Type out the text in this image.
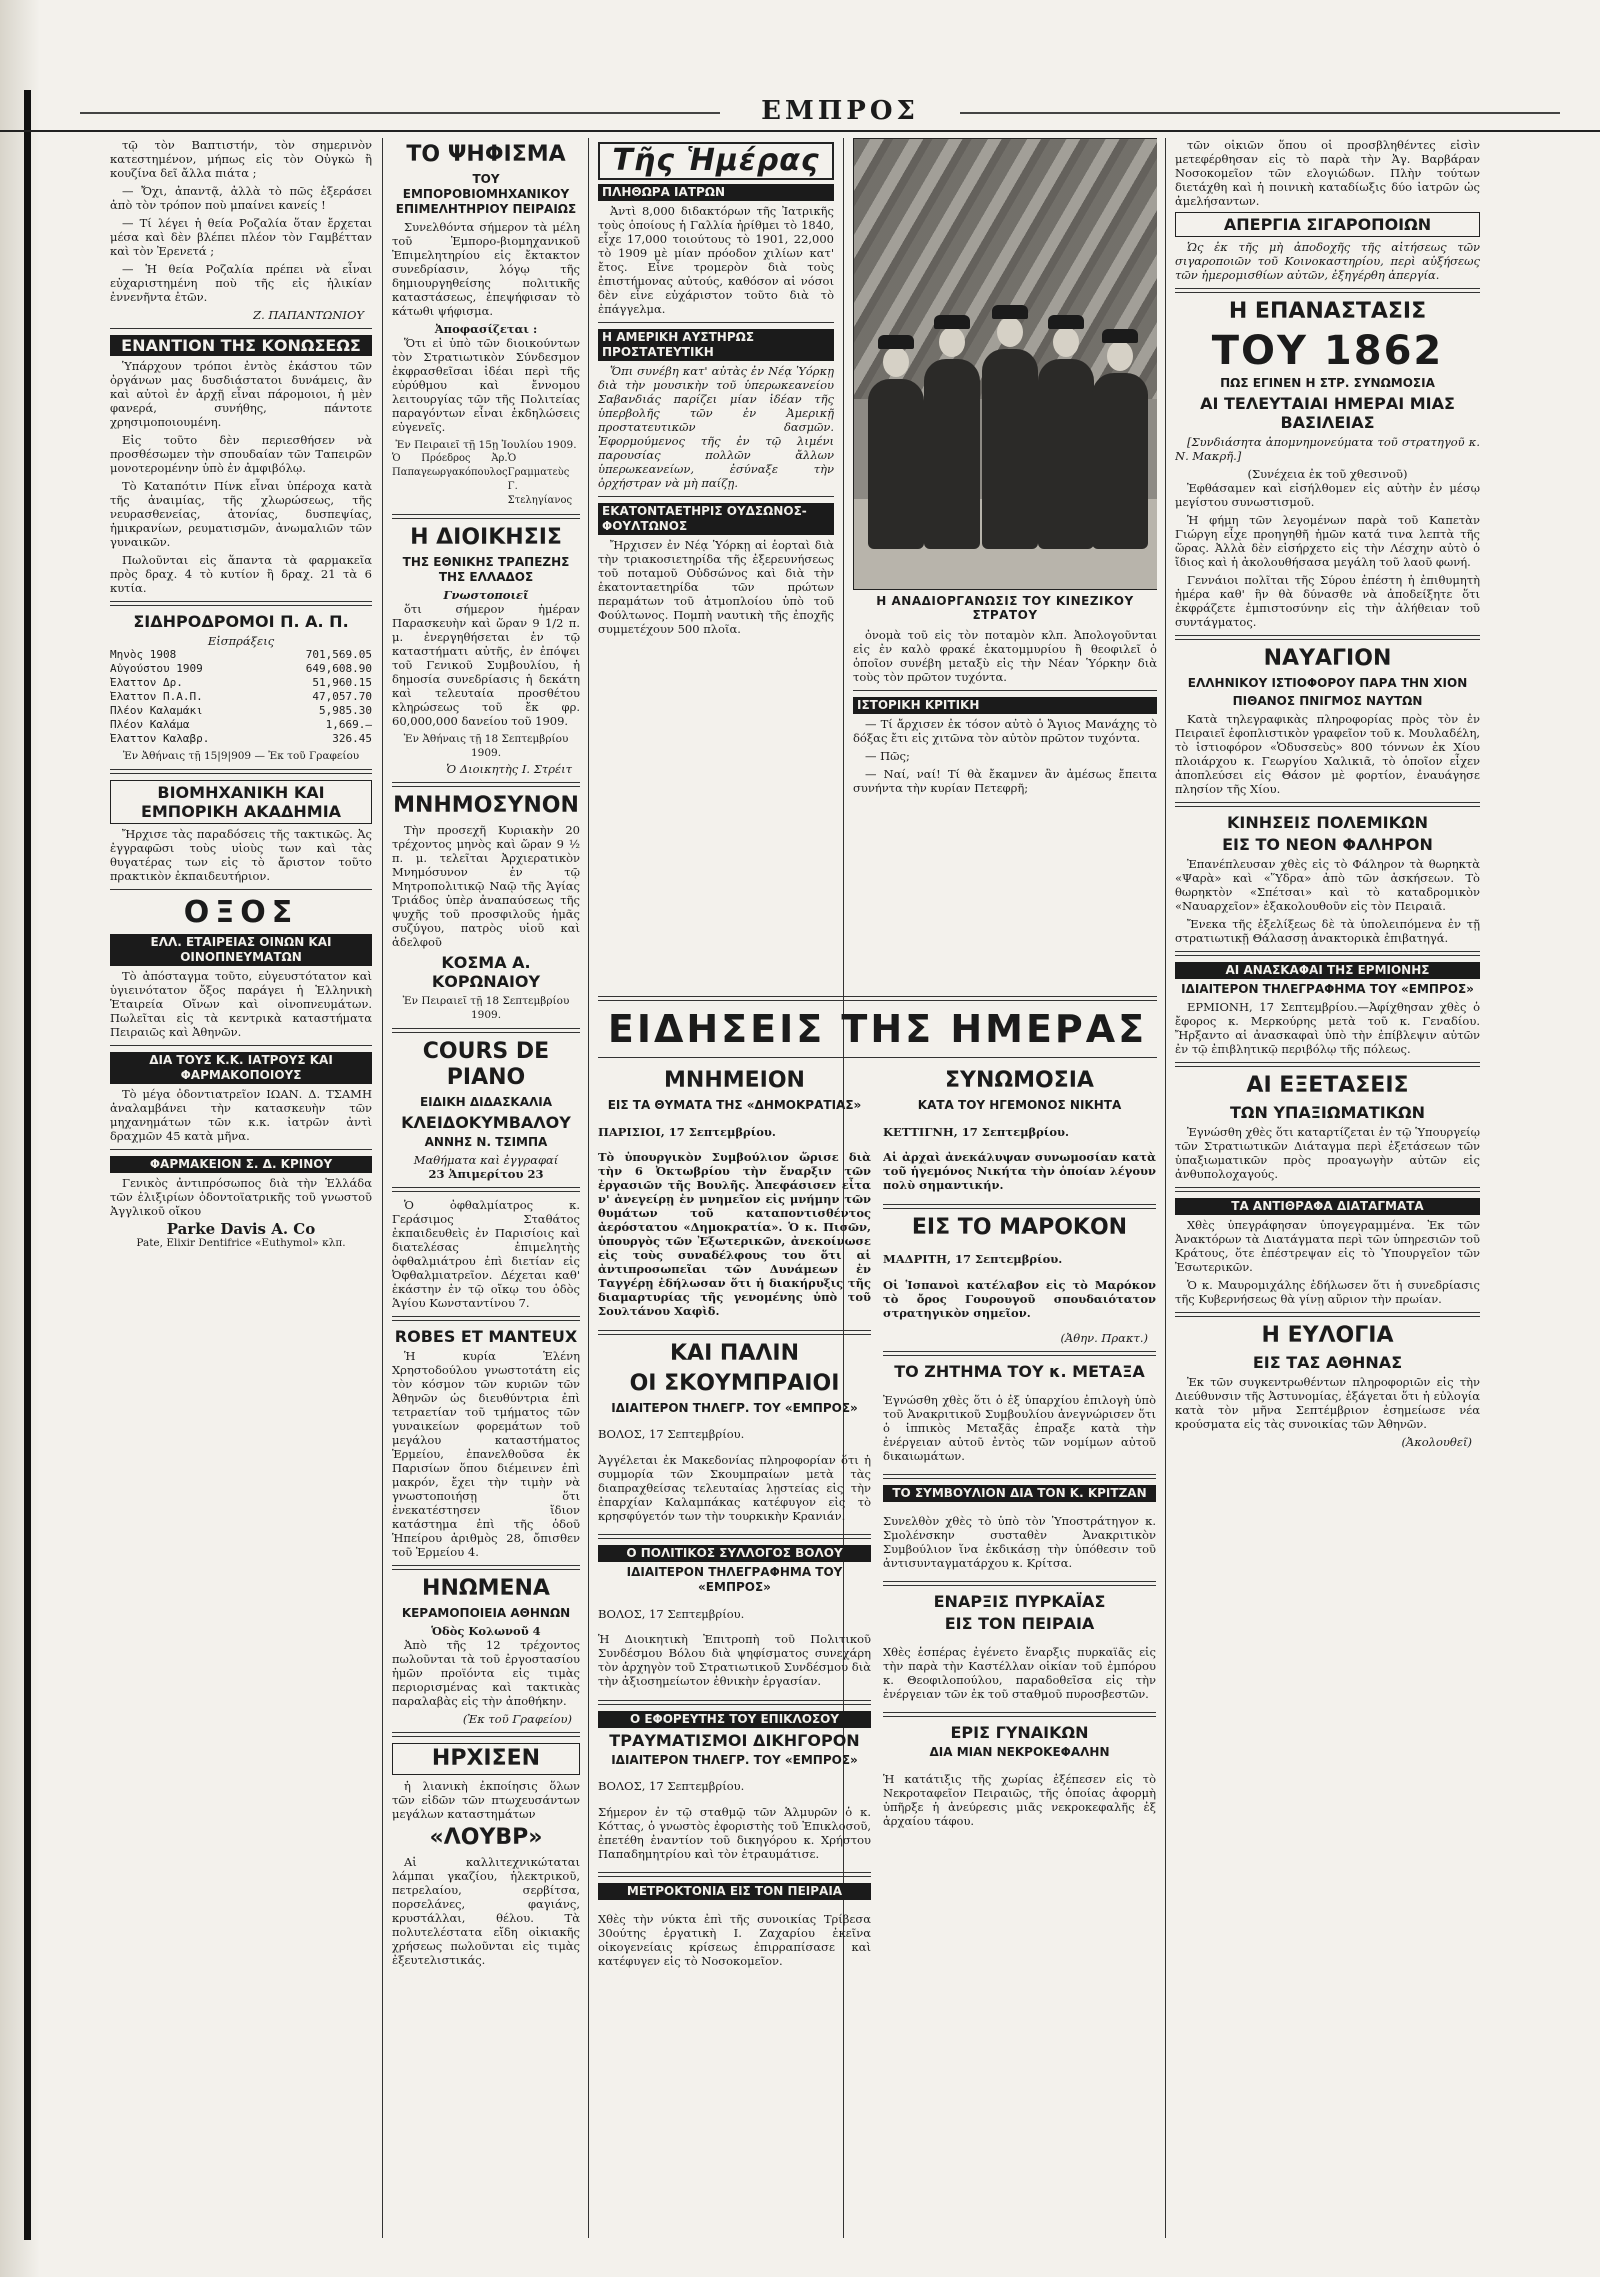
ΕΜΠΡΟΣ

τῷ τὸν Βαπτιστήν, τὸν σημερινὸν κατεστημένον, μήπως εἰς τὸν Οὐγκὼ ἢ κουζίνα δεῖ ἄλλα πιάτα ;

— Ὄχι, ἀπαντᾷ, ἀλλὰ τὸ πῶς ἐξεράσει ἀπὸ τὸν τρόπον ποὺ μπαίνει κανείς !

— Τί λέγει ἡ θεία Ροζαλία ὅταν ἔρχεται μέσα καὶ δὲν βλέπει πλέον τὸν Γαμβέτταν καὶ τὸν Ἐρενετά ;

— Ἡ θεία Ροζαλία πρέπει νὰ εἶναι εὐχαριστημένη ποὺ τῆς εἰς ἡλικίαν ἐννενῆντα ἐτῶν.

Ζ. ΠΑΠΑΝΤΩΝΙΟΥ
ΕΝΑΝΤΙΟΝ ΤΗΣ ΚΟΝΩΣΕΩΣ

Ὑπάρχουν τρόποι ἐντὸς ἑκάστου τῶν ὀργάνων μας δυσδιάστατοι δυνάμεις, ἂν καὶ αὐτοὶ ἐν ἀρχῇ εἶναι πάρομοιοι, ἡ μὲν φανερά, συνήθης, πάντοτε χρησιμοποιουμένη.

Εἰς τοῦτο δὲν περιεσθήσεν νὰ προσθέσωμεν τὴν σπουδαίαν τῶν Ταπειρῶν μονοτερομένην ὑπὸ ἐν ἀμφιβόλῳ.

Τὸ Καταπότιν Πίνκ εἶναι ὑπέροχα κατὰ τῆς ἀναιμίας, τῆς χλωρώσεως, τῆς νευρασθενείας, ἀτονίας, δυσπεψίας, ἡμικρανίων, ρευματισμῶν, ἀνωμαλιῶν τῶν γυναικῶν.

Πωλοῦνται εἰς ἅπαντα τὰ φαρμακεῖα πρὸς δραχ. 4 τὸ κυτίον ἢ δραχ. 21 τὰ 6 κυτία.

ΣΙΔΗΡΟΔΡΟΜΟΙ Π. Α. Π.
Εἰσπράξεις
Μηνὸς 1908	701,569.05
Αὐγούστου 1909	649,608.90
Ἔλαττον Δρ.	51,960.15
Ἔλαττον Π.Α.Π.	47,057.70
Πλέον Καλαμάκι	5,985.30
Πλέον Καλάμα	1,669.—
Ἔλαττον Καλαβρ.	326.45
Ἐν Ἀθήναις τῇ 15|9|909 — Ἐκ τοῦ Γραφείου
ΒΙΟΜΗΧΑΝΙΚΗ ΚΑΙ ΕΜΠΟΡΙΚΗ ΑΚΑΔΗΜΙΑ

Ἤρχισε τὰς παραδόσεις τῆς τακτικῶς. Ἀς ἐγγραφῶσι τοὺς υἱοὺς των καὶ τὰς θυγατέρας των εἰς τὸ ἄριστον τοῦτο πρακτικὸν ἐκπαιδευτήριον.

ΟΞΟΣ
ΕΛΛ. ΕΤΑΙΡΕΙΑΣ ΟΙΝΩΝ ΚΑΙ ΟΙΝΟΠΝΕΥΜΑΤΩΝ

Τὸ ἀπόσταγμα τοῦτο, εὐγευστότατον καὶ ὑγιεινότατον ὄξος παράγει ἡ Ἑλληνικὴ Ἑταιρεία Οἴνων καὶ οἰνοπνευμάτων. Πωλεῖται εἰς τὰ κεντρικὰ καταστήματα Πειραιῶς καὶ Ἀθηνῶν.

ΔΙΑ ΤΟΥΣ Κ.Κ. ΙΑΤΡΟΥΣ ΚΑΙ ΦΑΡΜΑΚΟΠΟΙΟΥΣ

Τὸ μέγα ὀδοντιατρεῖον ΙΩΑΝ. Δ. ΤΣΑΜΗ ἀναλαμβάνει τὴν κατασκευὴν τῶν μηχανημάτων τῶν κ.κ. ἰατρῶν ἀντὶ δραχμῶν 45 κατὰ μῆνα.

ΦΑΡΜΑΚΕΙΟΝ Σ. Δ. ΚΡΙΝΟΥ

Γενικὸς ἀντιπρόσωπος διὰ τὴν Ἑλλάδα τῶν ἐλιξιρίων ὀδοντοϊατρικῆς τοῦ γνωστοῦ Ἀγγλικοῦ οἴκου

Parke Davis A. Co
Pate, Elixir Dentifrice «Euthymol» κλπ.
ΤΟ ΨΗΦΙΣΜΑ
ΤΟΥ ΕΜΠΟΡΟΒΙΟΜΗΧΑΝΙΚΟΥ ΕΠΙΜΕΛΗΤΗΡΙΟΥ ΠΕΙΡΑΙΩΣ

Συνελθόντα σήμερον τὰ μέλη τοῦ Ἐμπορο-βιομηχανικοῦ Ἐπιμελητηρίου εἰς ἔκτακτον συνεδρίασιν, λόγῳ τῆς δημιουργηθείσης πολιτικῆς καταστάσεως, ἐπεψήφισαν τὸ κάτωθι ψήφισμα.

Ἀποφασίζεται :

Ὅτι εἰ ὑπὸ τῶν διοικούντων τὸν Στρατιωτικὸν Σύνδεσμον ἐκφρασθεῖσαι ἰδέαι περὶ τῆς εὐρύθμου καὶ ἔννομου λειτουργίας τῶν τῆς Πολιτείας παραγόντων εἶναι ἐκδηλώσεις εὐγενεῖς.

Ἐν Πειραιεῖ τῇ 15ῃ Ἰουλίου 1909.
Ὁ Πρόεδρος Ἀρ. Παπαγεωργακόπουλος
Ὁ Γραμματεὺς Γ. Στεληγίανος
Η ΔΙΟΙΚΗΣΙΣ
ΤΗΣ ΕΘΝΙΚΗΣ ΤΡΑΠΕΖΗΣ ΤΗΣ ΕΛΛΑΔΟΣ
Γνωστοποιεῖ

ὅτι σήμερον ἡμέραν Παρασκευὴν καὶ ὥραν 9 1/2 π. μ. ἐνεργηθήσεται ἐν τῷ καταστήματι αὐτῆς, ἐν ἐπόψει τοῦ Γενικοῦ Συμβουλίου, ἡ δημοσία συνεδρίασις ἡ δεκάτη καὶ τελευταία προσθέτου κληρώσεως τοῦ ἔκ φρ. 60,000,000 δανείου τοῦ 1909.

Ἐν Ἀθήναις τῇ 18 Σεπτεμβρίου 1909.
Ὁ Διοικητὴς Ι. Στρέιτ
ΜΝΗΜΟΣΥΝΟΝ

Τὴν προσεχῆ Κυριακὴν 20 τρέχοντος μηνὸς καὶ ὥραν 9 ½ π. μ. τελεῖται Ἀρχιερατικὸν Μνημόσυνον ἐν τῷ Μητροπολιτικῷ Ναῷ τῆς Ἁγίας Τριάδος ὑπὲρ ἀναπαύσεως τῆς ψυχῆς τοῦ προσφιλοῦς ἡμᾶς συζύγου, πατρὸς υἱοῦ καὶ ἀδελφοῦ

ΚΟΣΜΑ Α. ΚΟΡΩΝΑΙΟΥ
Ἐν Πειραιεῖ τῇ 18 Σεπτεμβρίου 1909.
COURS DE PIANO
ΕΙΔΙΚΗ ΔΙΔΑΣΚΑΛΙΑ
ΚΛΕΙΔΟΚΥΜΒΑΛΟΥ
ΑΝΝΗΣ Ν. ΤΣΙΜΠΑ
Μαθήματα καὶ ἐγγραφαί
23 Ἀπιμερίτου 23

Ὁ ὀφθαλμίατρος κ. Γεράσιμος Σταθάτος ἐκπαιδευθεὶς ἐν Παρισίοις καὶ διατελέσας ἐπιμελητὴς ὀφθαλμιάτρου ἐπὶ διετίαν εἰς Ὀφθαλμιατρεῖον. Δέχεται καθ' ἑκάστην ἐν τῷ οἴκῳ του ὁδὸς Ἁγίου Κωνσταντίνου 7.

ROBES ET MANTEUX

Ἡ κυρία Ἑλένη Χρηστοδούλου γνωστοτάτη εἰς τὸν κόσμον τῶν κυριῶν τῶν Ἀθηνῶν ὡς διευθύντρια ἐπὶ τετραετίαν τοῦ τμήματος τῶν γυναικείων φορεμάτων τοῦ μεγάλου καταστήματος Ἑρμείου, ἐπανελθοῦσα ἐκ Παρισίων ὅπου διέμεινεν ἐπὶ μακρόν, ἔχει τὴν τιμὴν νὰ γνωστοποιήσῃ ὅτι ἐνεκατέστησεν ἴδιον κατάστημα ἐπὶ τῆς ὁδοῦ Ἡπείρου ἀριθμὸς 28, ὄπισθεν τοῦ Ἑρμείου 4.

ΗΝΩΜΕΝΑ
ΚΕΡΑΜΟΠΟΙΕΙΑ ΑΘΗΝΩΝ
Ὁδὸς Κολωνοῦ 4

Ἀπὸ τῆς 12 τρέχοντος πωλοῦνται τὰ τοῦ ἐργοστασίου ἡμῶν προϊόντα εἰς τιμὰς περιορισμένας καὶ τακτικὰς παραλαβὰς εἰς τὴν ἀποθήκην.

(Ἐκ τοῦ Γραφείου)
ΗΡΧΙΣΕΝ

ἡ λιανικὴ ἐκποίησις ὅλων τῶν εἰδῶν τῶν πτωχευσάντων μεγάλων καταστημάτων

«ΛΟΥΒΡ»

Αἱ καλλιτεχνικώταται λάμπαι γκαζίου, ἠλεκτρικοῦ, πετρελαίου, σερβίτσα, πορσελάνες, φαγιάνς, κρυστάλλαι, θέλου. Τὰ πολυτελέστατα εἴδη οἰκιακῆς χρήσεως πωλοῦνται εἰς τιμὰς ἐξευτελιστικάς.

Τῆς Ἡμέρας
ΠΛΗΘΩΡΑ ΙΑΤΡΩΝ

Ἀντὶ 8,000 διδακτόρων τῆς Ἰατρικῆς τοὺς ὁποίους ἡ Γαλλία ἠρίθμει τὸ 1840, εἶχε 17,000 τοιούτους τὸ 1901, 22,000 τὸ 1909 μὲ μίαν πρόοδον χιλίων κατ' ἔτος. Εἶνε τρομερὸν διὰ τοὺς ἐπιστήμονας αὐτούς, καθόσον αἱ νόσοι δὲν εἶνε εὐχάριστον τοῦτο διὰ τὸ ἐπάγγελμα.

Η ΑΜΕΡΙΚΗ ΑΥΣΤΗΡΩΣ ΠΡΟΣΤΑΤΕΥΤΙΚΗ

Ὅπι συνέβη κατ' αὐτὰς ἐν Νέᾳ Ὑόρκῃ διὰ τὴν μουσικὴν τοῦ ὑπερωκεανείου Σαβανδιάς παρίζει μίαν ἰδέαν τῆς ὑπερβολῆς τῶν ἐν Ἀμερικῇ προστατευτικῶν δασμῶν. Ἐφορμούμενος τῆς ἐν τῷ λιμένι παρουσίας πολλῶν ἄλλων ὑπερωκεανείων, ἐσύναξε τὴν ὀρχήστραν νὰ μὴ παίζῃ.

ΕΚΑΤΟΝΤΑΕΤΗΡΙΣ ΟΥΔΣΩΝΟΣ-ΦΟΥΛΤΩΝΟΣ

Ἤρχισεν ἐν Νέᾳ Ὑόρκῃ αἱ ἑορταὶ διὰ τὴν τριακοσιετηρίδα τῆς ἐξερευνήσεως τοῦ ποταμοῦ Οὐδσώνος καὶ διὰ τὴν ἑκατονταετηρίδα τῶν πρώτων περαμάτων τοῦ ἀτμοπλοίου ὑπὸ τοῦ Φούλτωνος. Πομπὴ ναυτικὴ τῆς ἐποχῆς συμμετέχουν 500 πλοῖα.

Η ΑΝΑΔΙΟΡΓΑΝΩΣΙΣ ΤΟΥ ΚΙΝΕΖΙΚΟΥ ΣΤΡΑΤΟΥ

ὀνομὰ τοῦ εἰς τὸν ποταμὸν κλπ. Ἀπολογοῦνται εἰς ἐν καλὸ φρακέ ἑκατομμυρίου ἢ θεοφιλεῖ ὁ ὁποῖον συνέβη μεταξὺ εἰς τὴν Νέαν Ὑόρκην διὰ τοὺς τὸν πρῶτον τυχόντα.

ΙΣΤΟΡΙΚΗ ΚΡΙΤΙΚΗ

— Τί ἄρχισεν ἐκ τόσον αὐτὸ ὁ Ἄγιος Μανάχης τὸ δόξας ἔτι εἰς χιτῶνα τὸν αὐτὸν πρῶτον τυχόντα.

— Πῶς;

— Ναί, ναί! Τί θὰ ἔκαμνεν ἂν ἀμέσως ἔπειτα συνήντα τὴν κυρίαν Πετεφρῆ;

ΕΙΔΗΣΕΙΣ ΤΗΣ ΗΜΕΡΑΣ
ΜΝΗΜΕΙΟΝ
ΕΙΣ ΤΑ ΘΥΜΑΤΑ ΤΗΣ «ΔΗΜΟΚΡΑΤΙΑΣ»

ΠΑΡΙΣΙΟΙ, 17 Σεπτεμβρίου.

Τὸ ὑπουργικὸν Συμβούλιον ὥρισε διὰ τὴν 6 Ὀκτωβρίου τὴν ἔναρξιν τῶν ἐργασιῶν τῆς Βουλῆς. Ἀπεφάσισεν εἶτα ν' ἀνεγείρῃ ἐν μνημεῖον εἰς μνήμην τῶν θυμάτων τοῦ καταποντισθέντος ἀερόστατου «Δημοκρατία». Ὁ κ. Πισῶν, ὑπουργὸς τῶν Ἐξωτερικῶν, ἀνεκοίνωσε εἰς τοὺς συναδέλφους του ὅτι αἱ ἀντιπροσωπεῖαι τῶν Δυνάμεων ἐν Ταγγέρῃ ἐδήλωσαν ὅτι ἡ διακήρυξις τῆς διαμαρτυρίας τῆς γενομένης ὑπὸ τοῦ Σουλτάνου Χαφὶδ.

ΚΑΙ ΠΑΛΙΝ
ΟΙ ΣΚΟΥΜΠΡΑΙΟΙ
ΙΔΙΑΙΤΕΡΟΝ ΤΗΛΕΓΡ. ΤΟΥ «ΕΜΠΡΟΣ»

ΒΟΛΟΣ, 17 Σεπτεμβρίου.

Ἀγγέλεται ἐκ Μακεδονίας πληροφορίαν ὅτι ἡ συμμορία τῶν Σκουμπραίων μετὰ τὰς διαπραχθείσας τελευταίας λῃστείας εἰς τὴν ἐπαρχίαν Καλαμπάκας κατέφυγον εἰς τὸ κρησφύγετόν των τὴν τουρκικὴν Κρανιάν.

Ο ΠΟΛΙΤΙΚΟΣ ΣΥΛΛΟΓΟΣ ΒΟΛΟΥ
ΙΔΙΑΙΤΕΡΟΝ ΤΗΛΕΓΡΑΦΗΜΑ ΤΟΥ «ΕΜΠΡΟΣ»

ΒΟΛΟΣ, 17 Σεπτεμβρίου.

Ἡ Διοικητικὴ Ἐπιτροπὴ τοῦ Πολιτικοῦ Συνδέσμου Βόλου διὰ ψηφίσματος συνεχάρη τὸν ἀρχηγὸν τοῦ Στρατιωτικοῦ Συνδέσμου διὰ τὴν ἀξιοσημείωτον ἐθνικὴν ἐργασίαν.

Ο ΕΦΟΡΕΥΤΗΣ ΤΟΥ ΕΠΙΚΛΟΣΟΥ
ΤΡΑΥΜΑΤΙΣΜΟΙ ΔΙΚΗΓΟΡΟΝ
ΙΔΙΑΙΤΕΡΟΝ ΤΗΛΕΓΡ. ΤΟΥ «ΕΜΠΡΟΣ»

ΒΟΛΟΣ, 17 Σεπτεμβρίου.

Σήμερον ἐν τῷ σταθμῷ τῶν Ἁλμυρῶν ὁ κ. Κόττας, ὁ γνωστὸς ἐφοριστὴς τοῦ Ἐπικλοσοῦ, ἐπετέθη ἐναντίον τοῦ δικηγόρου κ. Χρήστου Παπαδημητρίου καὶ τὸν ἐτραυμάτισε.

ΜΕΤΡΟΚΤΟΝΙΑ ΕΙΣ ΤΟΝ ΠΕΙΡΑΙΑ

Χθὲς τὴν νύκτα ἐπὶ τῆς συνοικίας Τρίβεσα 30ούτης ἐργατικὴ Ι. Ζαχαρίου ἐκεῖνα οἰκογενείαις κρίσεως ἐπιρραπίσασε καὶ κατέφυγεν εἰς τὸ Νοσοκομεῖον.

ΣΥΝΩΜΟΣΙΑ
ΚΑΤΑ ΤΟΥ ΗΓΕΜΟΝΟΣ ΝΙΚΗΤΑ

ΚΕΤΤΙΓΝΗ, 17 Σεπτεμβρίου.

Αἱ ἀρχαὶ ἀνεκάλυψαν συνωμοσίαν κατὰ τοῦ ἡγεμόνος Νικήτα τὴν ὁποίαν λέγουν πολὺ σημαντικήν.

ΕΙΣ ΤΟ ΜΑΡΟΚΟΝ

ΜΑΔΡΙΤΗ, 17 Σεπτεμβρίου.

Οἱ Ἱσπανοὶ κατέλαβον εἰς τὸ Μαρόκον τὸ ὄρος Γουρουγοῦ σπουδαιότατον στρατηγικὸν σημεῖον.

(Ἀθην. Πρακτ.)
ΤΟ ΖΗΤΗΜΑ ΤΟΥ κ. ΜΕΤΑΞΑ

Ἐγνώσθη χθὲς ὅτι ὁ ἐξ ὑπαρχίου ἐπιλογὴ ὑπὸ τοῦ Ἀνακριτικοῦ Συμβουλίου ἀνεγνώρισεν ὅτι ὁ ἱππικὸς Μεταξᾶς ἐπραξε κατὰ τὴν ἐνέργειαν αὐτοῦ ἐντὸς τῶν νομίμων αὐτοῦ δικαιωμάτων.

ΤΟ ΣΥΜΒΟΥΛΙΟΝ ΔΙΑ ΤΟΝ Κ. ΚΡΙΤΖΑΝ

Συνελθὸν χθὲς τὸ ὑπὸ τὸν Ὑποστράτηγον κ. Σμολένσκην συσταθὲν Ἀνακριτικὸν Συμβούλιον ἵνα ἐκδικάσῃ τὴν ὑπόθεσιν τοῦ ἀντισυνταγματάρχου κ. Κρίτσα.

ΕΝΑΡΞΙΣ ΠΥΡΚΑΪΑΣ
ΕΙΣ ΤΟΝ ΠΕΙΡΑΙΑ

Χθὲς ἑσπέρας ἐγένετο ἔναρξις πυρκαϊᾶς εἰς τὴν παρὰ τὴν Καστέλλαν οἰκίαν τοῦ ἐμπόρου κ. Θεοφιλοπούλου, παραδοθεῖσα εἰς τὴν ἐνέργειαν τῶν ἐκ τοῦ σταθμοῦ πυροσβεστῶν.

ΕΡΙΣ ΓΥΝΑΙΚΩΝ
ΔΙΑ ΜΙΑΝ ΝΕΚΡΟΚΕΦΑΛΗΝ

Ἡ κατάτιξις τῆς χωρίας ἐξέπεσεν εἰς τὸ Νεκροταφεῖον Πειραιῶς, τῆς ὁποίας ἀφορμὴ ὑπῆρξε ἡ ἀνεύρεσις μιᾶς νεκροκεφαλῆς ἐξ ἀρχαίου τάφου.

τῶν οἰκιῶν ὅπου οἱ προσβληθέντες εἰσὶν μετεφέρθησαν εἰς τὸ παρὰ τὴν Ἁγ. Βαρβάραν Νοσοκομεῖον τῶν ελογιώδων. Πλὴν τούτων διετάχθη καὶ ἡ ποινικὴ καταδίωξις δύο ἰατρῶν ὡς ἀμελήσαντων.

ΑΠΕΡΓΙΑ ΣΙΓΑΡΟΠΟΙΩΝ

Ὡς ἐκ τῆς μὴ ἀποδοχῆς τῆς αἰτήσεως τῶν σιγαροποιῶν τοῦ Κοινοκαστηρίου, περὶ αὐξήσεως τῶν ἡμερομισθίων αὐτῶν, ἐξηγέρθη ἀπεργία.

Η ΕΠΑΝΑΣΤΑΣΙΣ
ΤΟΥ 1862
ΠΩΣ ΕΓΙΝΕΝ Η ΣΤΡ. ΣΥΝΩΜΟΣΙΑ
ΑΙ ΤΕΛΕΥΤΑΙΑΙ ΗΜΕΡΑΙ ΜΙΑΣ ΒΑΣΙΛΕΙΑΣ

[Συνδιάσητα ἀπομνημονεύματα τοῦ στρατηγοῦ κ. Ν. Μακρῆ.]

(Συνέχεια ἐκ τοῦ χθεσινοῦ)

Ἐφθάσαμεν καὶ εἰσήλθομεν εἰς αὐτὴν ἐν μέσῳ μεγίστου συνωστισμοῦ.

Ἡ φήμη τῶν λεγομένων παρὰ τοῦ Καπετὰν Γιώργη εἶχε προηγηθῆ ἡμῶν κατά τινα λεπτὰ τῆς ὥρας. Ἀλλὰ δὲν εἰσήρχετο εἰς τὴν Λέσχην αὐτὸ ὁ ἴδιος καὶ ἡ ἀκολουθήσασα μεγάλη τοῦ λαοῦ φωνή.

Γεννάιοι πολῖται τῆς Σύρου ἐπέστη ἡ ἐπιθυμητὴ ἡμέρα καθ' ἣν θὰ δύνασθε νὰ ἀποδείξητε ὅτι ἐκφράζετε ἐμπιστοσύνην εἰς τὴν ἀλήθειαν τοῦ συντάγματος.

ΝΑΥΑΓΙΟΝ
ΕΛΛΗΝΙΚΟΥ ΙΣΤΙΟΦΟΡΟΥ ΠΑΡΑ ΤΗΝ ΧΙΟΝ
ΠΙΘΑΝΟΣ ΠΝΙΓΜΟΣ ΝΑΥΤΩΝ

Κατὰ τηλεγραφικὰς πληροφορίας πρὸς τὸν ἐν Πειραιεῖ ἐφοπλιστικὸν γραφεῖον τοῦ κ. Μουλαδέλη, τὸ ἱστιοφόρον «Ὁδυσσεὺς» 800 τόννων ἐκ Χίου πλοιάρχου κ. Γεωργίου Χαλικιᾶ, τὸ ὁποῖον εἶχεν ἀποπλεύσει εἰς Θάσον μὲ φορτίον, ἐναυάγησε πλησίον τῆς Χίου.

ΚΙΝΗΣΕΙΣ ΠΟΛΕΜΙΚΩΝ
ΕΙΣ ΤΟ ΝΕΟΝ ΦΑΛΗΡΟΝ

Ἐπανέπλευσαν χθὲς εἰς τὸ Φάληρον τὰ θωρηκτὰ «Ψαρὰ» καὶ «Ὕδρα» ἀπὸ τῶν ἀσκήσεων. Τὸ θωρηκτὸν «Σπέτσαι» καὶ τὸ καταδρομικὸν «Ναυαρχεῖον» ἐξακολουθοῦν εἰς τὸν Πειραιᾶ.

Ἔνεκα τῆς ἐξελίξεως δὲ τὰ ὑπολειπόμενα ἐν τῇ στρατιωτικῇ Θάλασσῃ ἀνακτορικὰ ἐπιβατηγά.

ΑΙ ΑΝΑΣΚΑΦΑΙ ΤΗΣ ΕΡΜΙΟΝΗΣ
ΙΔΙΑΙΤΕΡΟΝ ΤΗΛΕΓΡΑΦΗΜΑ ΤΟΥ «ΕΜΠΡΟΣ»

ΕΡΜΙΟΝΗ, 17 Σεπτεμβρίου.—Ἀφίχθησαν χθὲς ὁ ἔφορος κ. Μερκούρης μετὰ τοῦ κ. Γεναδίου. Ἤρξαντο αἱ ἀνασκαφαὶ ὑπὸ τὴν ἐπίβλεψιν αὐτῶν ἐν τῷ ἐπιβλητικῷ περιβόλῳ τῆς πόλεως.

ΑΙ ΕΞΕΤΑΣΕΙΣ
ΤΩΝ ΥΠΑΞΙΩΜΑΤΙΚΩΝ

Ἐγνώσθη χθὲς ὅτι καταρτίζεται ἐν τῷ Ὑπουργείῳ τῶν Στρατιωτικῶν Διάταγμα περὶ ἐξετάσεων τῶν ὑπαξιωματικῶν πρὸς προαγωγὴν αὐτῶν εἰς ἀνθυπολοχαγούς.

ΤΑ ΑΝΤΙΘΡΑΦΑ ΔΙΑΤΑΓΜΑΤΑ

Χθὲς ὑπεγράφησαν ὑπογεγραμμένα. Ἐκ τῶν Ἀνακτόρων τὰ Διατάγματα περὶ τῶν ὑπηρεσιῶν τοῦ Κράτους, ὅτε ἐπέστρεψαν εἰς τὸ Ὑπουργεῖον τῶν Ἐσωτερικῶν.

Ὁ κ. Μαυρομιχάλης ἐδήλωσεν ὅτι ἡ συνεδρίασις τῆς Κυβερνήσεως θὰ γίνῃ αὔριον τὴν πρωίαν.

Η ΕΥΛΟΓΙΑ
ΕΙΣ ΤΑΣ ΑΘΗΝΑΣ

Ἐκ τῶν συγκεντρωθέντων πληροφοριῶν εἰς τὴν Διεύθυνσιν τῆς Ἀστυνομίας, ἐξάγεται ὅτι ἡ εὐλογία κατὰ τὸν μῆνα Σεπτέμβριον ἐσημείωσε νέα κρούσματα εἰς τὰς συνοικίας τῶν Ἀθηνῶν.

(Ἀκολουθεῖ)
